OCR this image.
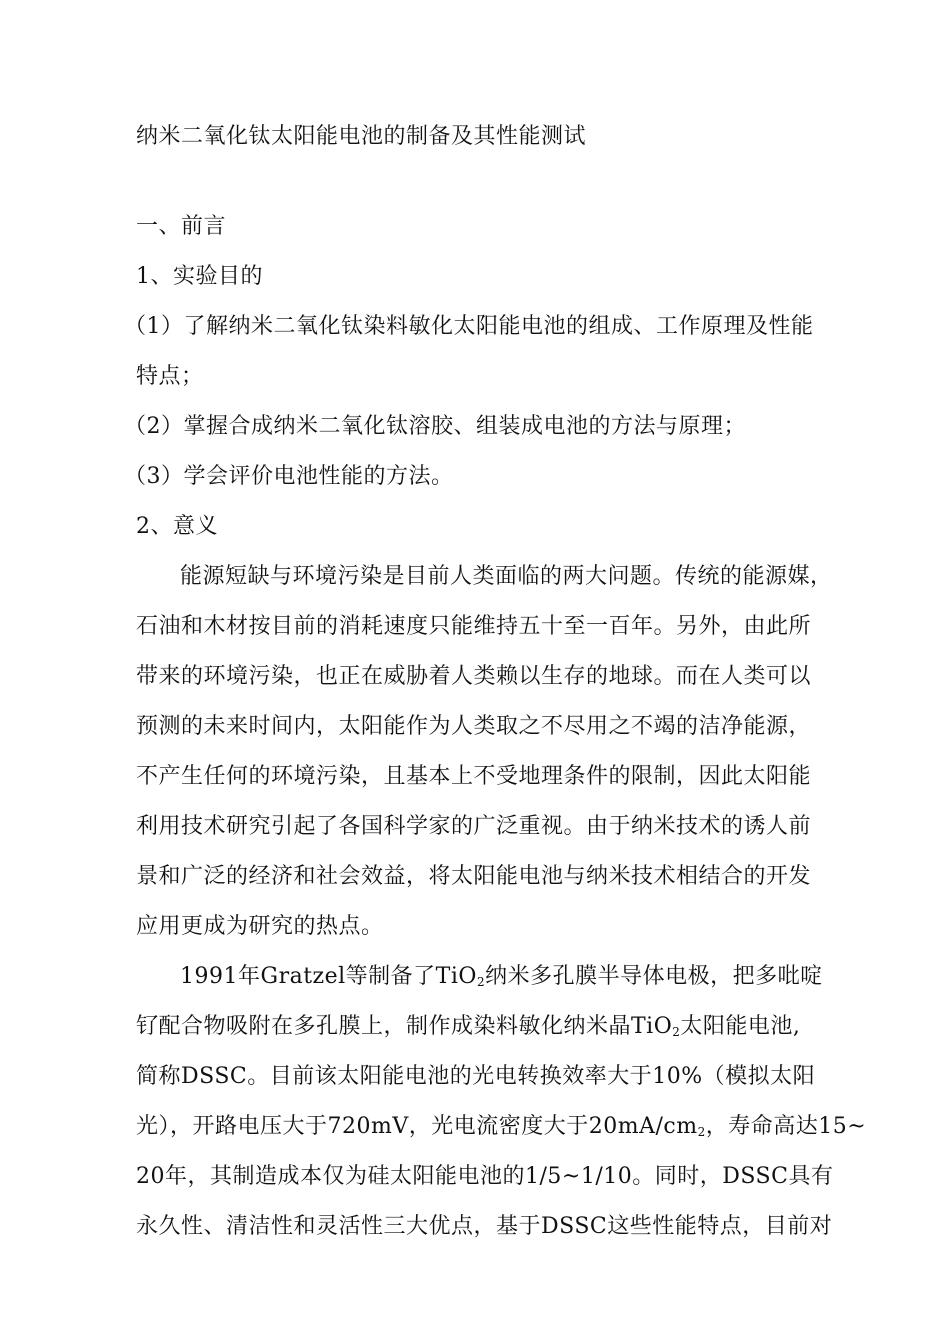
纳米二氧化钛太阳能电池的制备及其性能测试
一、前言
1、实验目的
（1）了解纳米二氧化钛染料敏化太阳能电池的组成、工作原理及性能
特点；
（2）掌握合成纳米二氧化钛溶胶、组装成电池的方法与原理；
（3）学会评价电池性能的方法。
2、意义
能源短缺与环境污染是目前人类面临的两大问题。传统的能源媒，
石油和木材按目前的消耗速度只能维持五十至一百年。另外，由此所
带来的环境污染，也正在威胁着人类赖以生存的地球。而在人类可以
预测的未来时间内，太阳能作为人类取之不尽用之不竭的洁净能源，
不产生任何的环境污染，且基本上不受地理条件的限制，因此太阳能
利用技术研究引起了各国科学家的广泛重视。由于纳米技术的诱人前
景和广泛的经济和社会效益，将太阳能电池与纳米技术相结合的开发
应用更成为研究的热点。
1991年Gratzel等制备了TiO$_2$纳米多孔膜半导体电极，把多吡啶
钌配合物吸附在多孔膜上，制作成染料敏化纳米晶TiO$_2$太阳能电池,
简称DSSC。目前该太阳能电池的光电转换效率大于10%（模拟太阳
光），开路电压大于720mV，光电流密度大于$20mA/cm_2$，寿命高达15~
20年，其制造成本仅为硅太阳能电池的1/5~1/10。同时，DSSC具有
永久性、清洁性和灵活性三大优点，基于DSSC这些性能特点，目前对
